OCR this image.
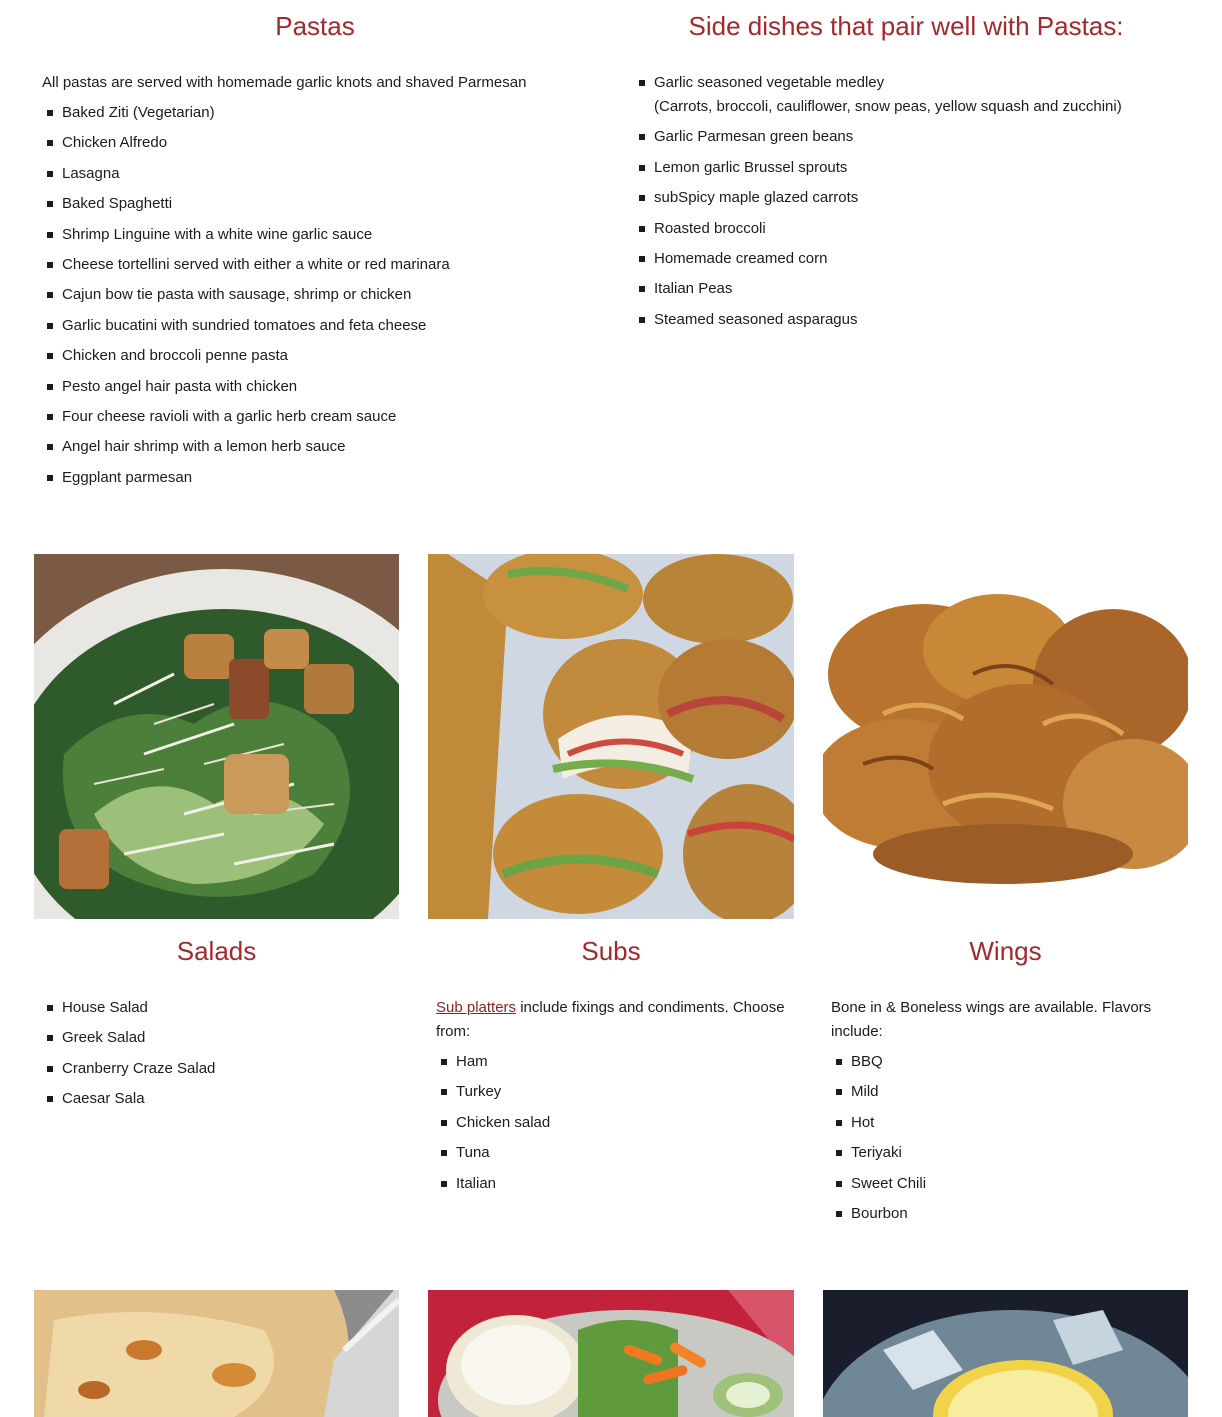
Pastas

All pastas are served with homemade garlic knots and shaved Parmesan

Baked Ziti (Vegetarian)
Chicken Alfredo
Lasagna
Baked Spaghetti
Shrimp Linguine with a white wine garlic sauce
Cheese tortellini served with either a white or red marinara
Cajun bow tie pasta with sausage, shrimp or chicken
Garlic bucatini with sundried tomatoes and feta cheese
Chicken and broccoli penne pasta
Pesto angel hair pasta with chicken
Four cheese ravioli with a garlic herb cream sauce
Angel hair shrimp with a lemon herb sauce
Eggplant parmesan
Side dishes that pair well with Pastas:
Garlic seasoned vegetable medley
(Carrots, broccoli, cauliflower, snow peas, yellow squash and zucchini)
Garlic Parmesan green beans
Lemon garlic Brussel sprouts
subSpicy maple glazed carrots
Roasted broccoli
Homemade creamed corn
Italian Peas
Steamed seasoned asparagus
Salads
House Salad
Greek Salad
Cranberry Craze Salad
Caesar Sala
Subs

Sub platters include fixings and condiments. Choose from:

Ham
Turkey
Chicken salad
Tuna
Italian
Wings

Bone in & Boneless wings are available. Flavors include:

BBQ
Mild
Hot
Teriyaki
Sweet Chili
Bourbon
